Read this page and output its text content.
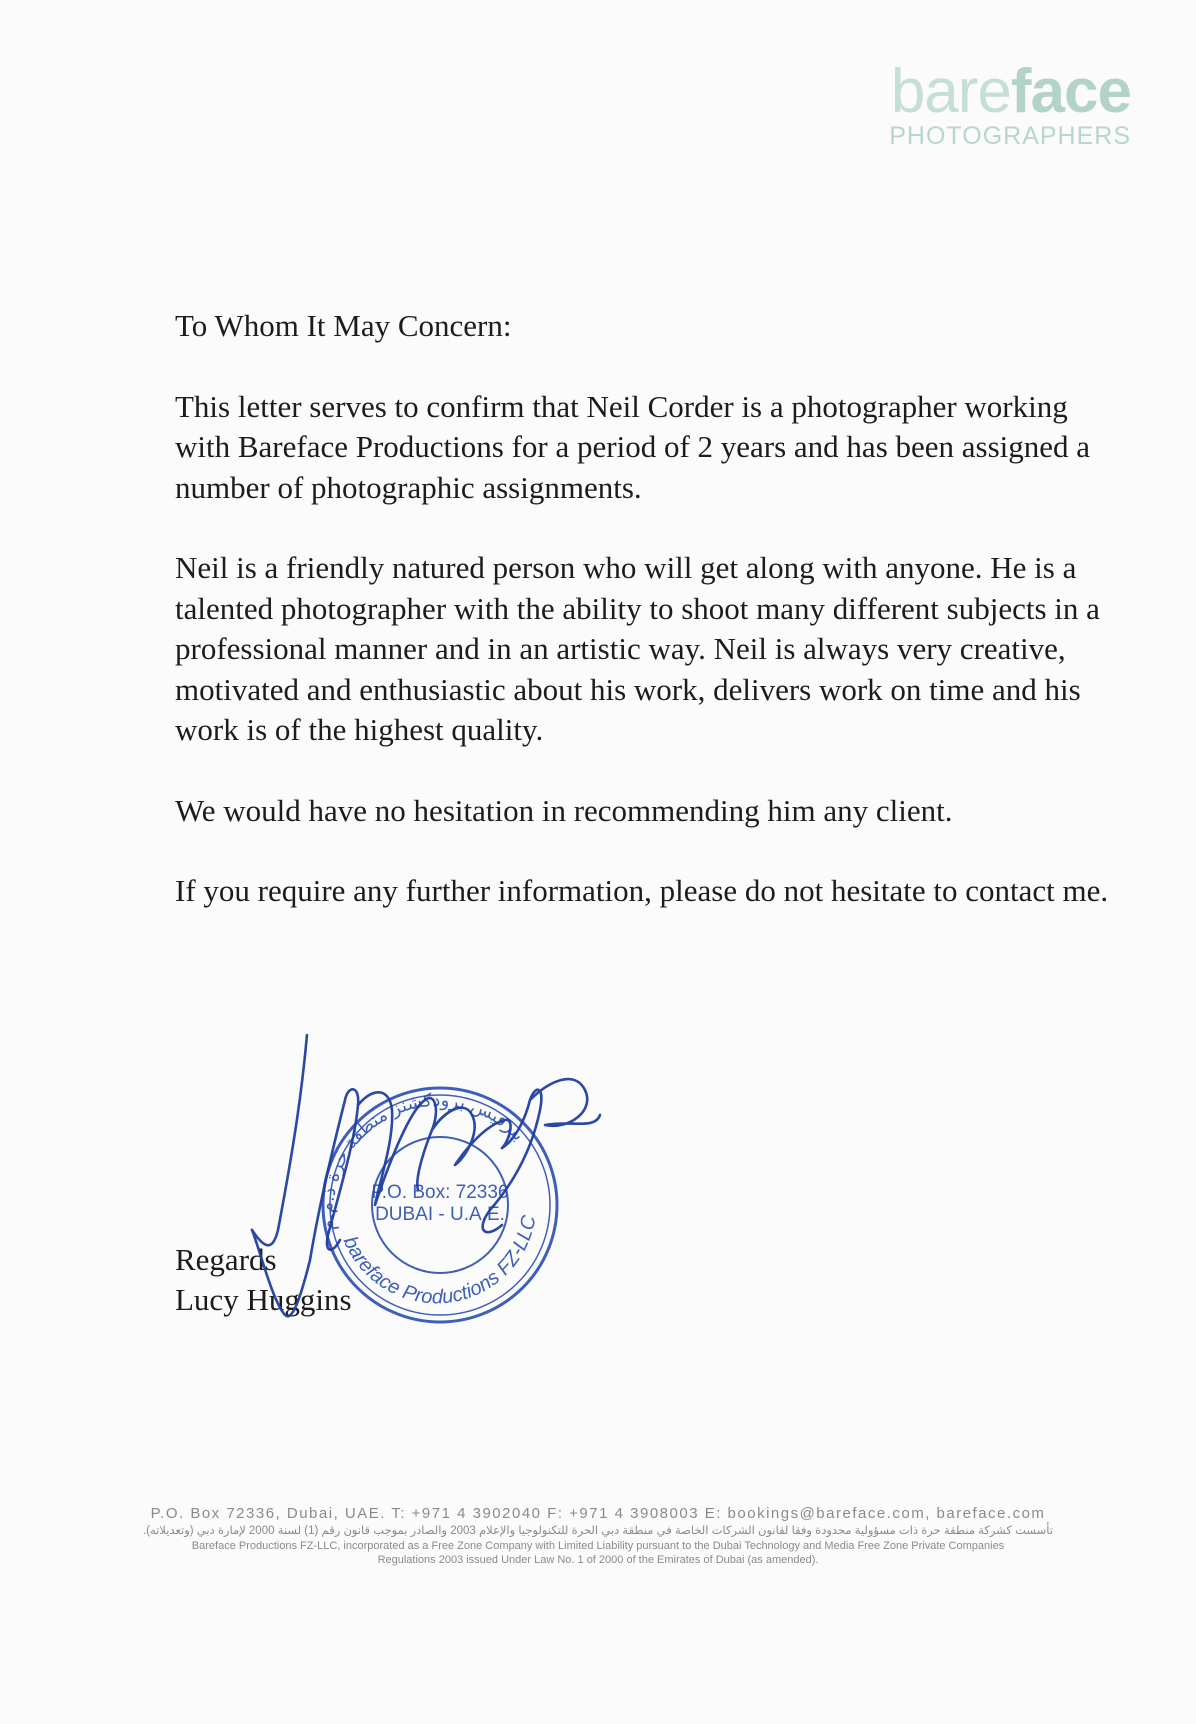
bareface
PHOTOGRAPHERS

To Whom It May Concern:

This letter serves to confirm that Neil Corder is a photographer working with Bareface Productions for a period of 2 years and has been assigned a number of photographic assignments.

Neil is a friendly natured person who will get along with anyone. He is a talented photographer with the ability to shoot many different subjects in a professional manner and in an artistic way. Neil is always very creative, motivated and enthusiastic about his work, delivers work on time and his work is of the highest quality.

We would have no hesitation in recommending him any client.

If you require any further information, please do not hesitate to contact me.

Regards
Lucy Huggins
بيرفيس برودكشنز منطقة حرة ذ.م.م
P.O. Box: 72336
DUBAI - U.A.E.
bareface Productions FZ-LLC
P.O. Box 72336, Dubai, UAE. T: +971 4 3902040 F: +971 4 3908003 E: bookings@bareface.com, bareface.com
تأسست كشركة منطقة حرة ذات مسؤولية محدودة وفقا لقانون الشركات الخاصة في منطقة دبي الحرة للتكنولوجيا والإعلام 2003 والصادر بموجب قانون رقم (1) لسنة 2000 لإمارة دبي (وتعديلاته).
Bareface Productions FZ-LLC, incorporated as a Free Zone Company with Limited Liability pursuant to the Dubai Technology and Media Free Zone Private Companies
Regulations 2003 issued Under Law No. 1 of 2000 of the Emirates of Dubai (as amended).
